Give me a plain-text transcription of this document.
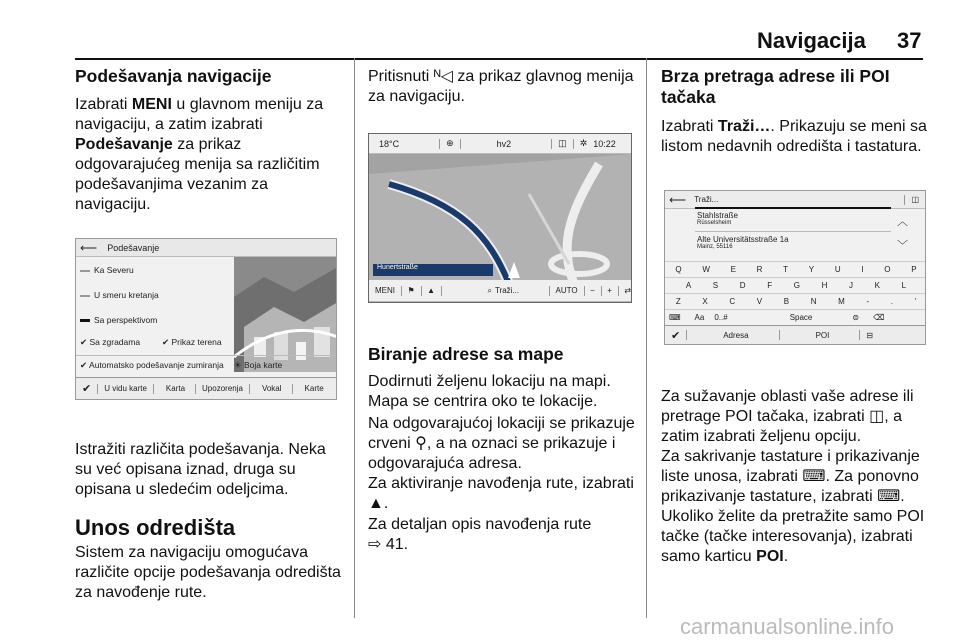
Navigacija 37
Podešavanja navigacije
Izabrati MENI u glavnom meniju za navigaciju, a zatim izabrati Podešavanje za prikaz odgovarajućeg menija sa različitim podešavanjima vezanim za navigaciju.
⟵ Podešavanje
Ka Severu
U smeru kretanja
Sa perspektivom
✔ Sa zgradama	✔ Prikaz terena
✔ Automatsko podešavanje zumiranja ☀ Boja karte
✔ U vidu karte Karta Upozorenja Vokal	Karte
Istražiti različita podešavanja. Neka su već opisana iznad, druga su opisana u sledećim odeljcima.
Unos odredišta
Sistem za navigaciju omogućava različite opcije podešavanja odredišta za navođenje rute.
Pritisnuti ᴺ◁ za prikaz glavnog menija za navigaciju.
18°C	⊕	hv2	◫ ✲ 10:22
Hunertstraße
MENI ⚑ ▲	⌕ Traži...	AUTO − + ⇄
Biranje adrese sa mape
Dodirnuti željenu lokaciju na mapi. Mapa se centrira oko te lokacije.
Na odgovarajućoj lokaciji se prikazuje crveni ⚲, a na oznaci se prikazuje i odgovarajuća adresa.
Za aktiviranje navođenja rute, izabrati
▲.
Za detaljan opis navođenja rute
⇨ 41.
Brza pretraga adrese ili POI tačaka
Izabrati Traži…. Prikazuju se meni sa listom nedavnih odredišta i tastatura.
⟵ Traži...	◫
Stahlstraße
Rüsselsheim	︿
Alte Universitätsstraße 1a
Mainz, 55116	﹀
Q	W	E	R	T	Y	U	I	O	P
A	S	D	F	G	H	J	K	L
Z	X	C	V	B	N	M	-	.	'
⌨ Aa 0..#	Space	⊜ ⌫
✔	Adresa	POI	⊟
Za sužavanje oblasti vaše adrese ili pretrage POI tačaka, izabrati ◫, a zatim izabrati željenu opciju.
Za sakrivanje tastature i prikazivanje liste unosa, izabrati ⌨. Za ponovno prikazivanje tastature, izabrati ⌨.
Ukoliko želite da pretražite samo POI tačke (tačke interesovanja), izabrati samo karticu POI.
carmanualsonline.info
